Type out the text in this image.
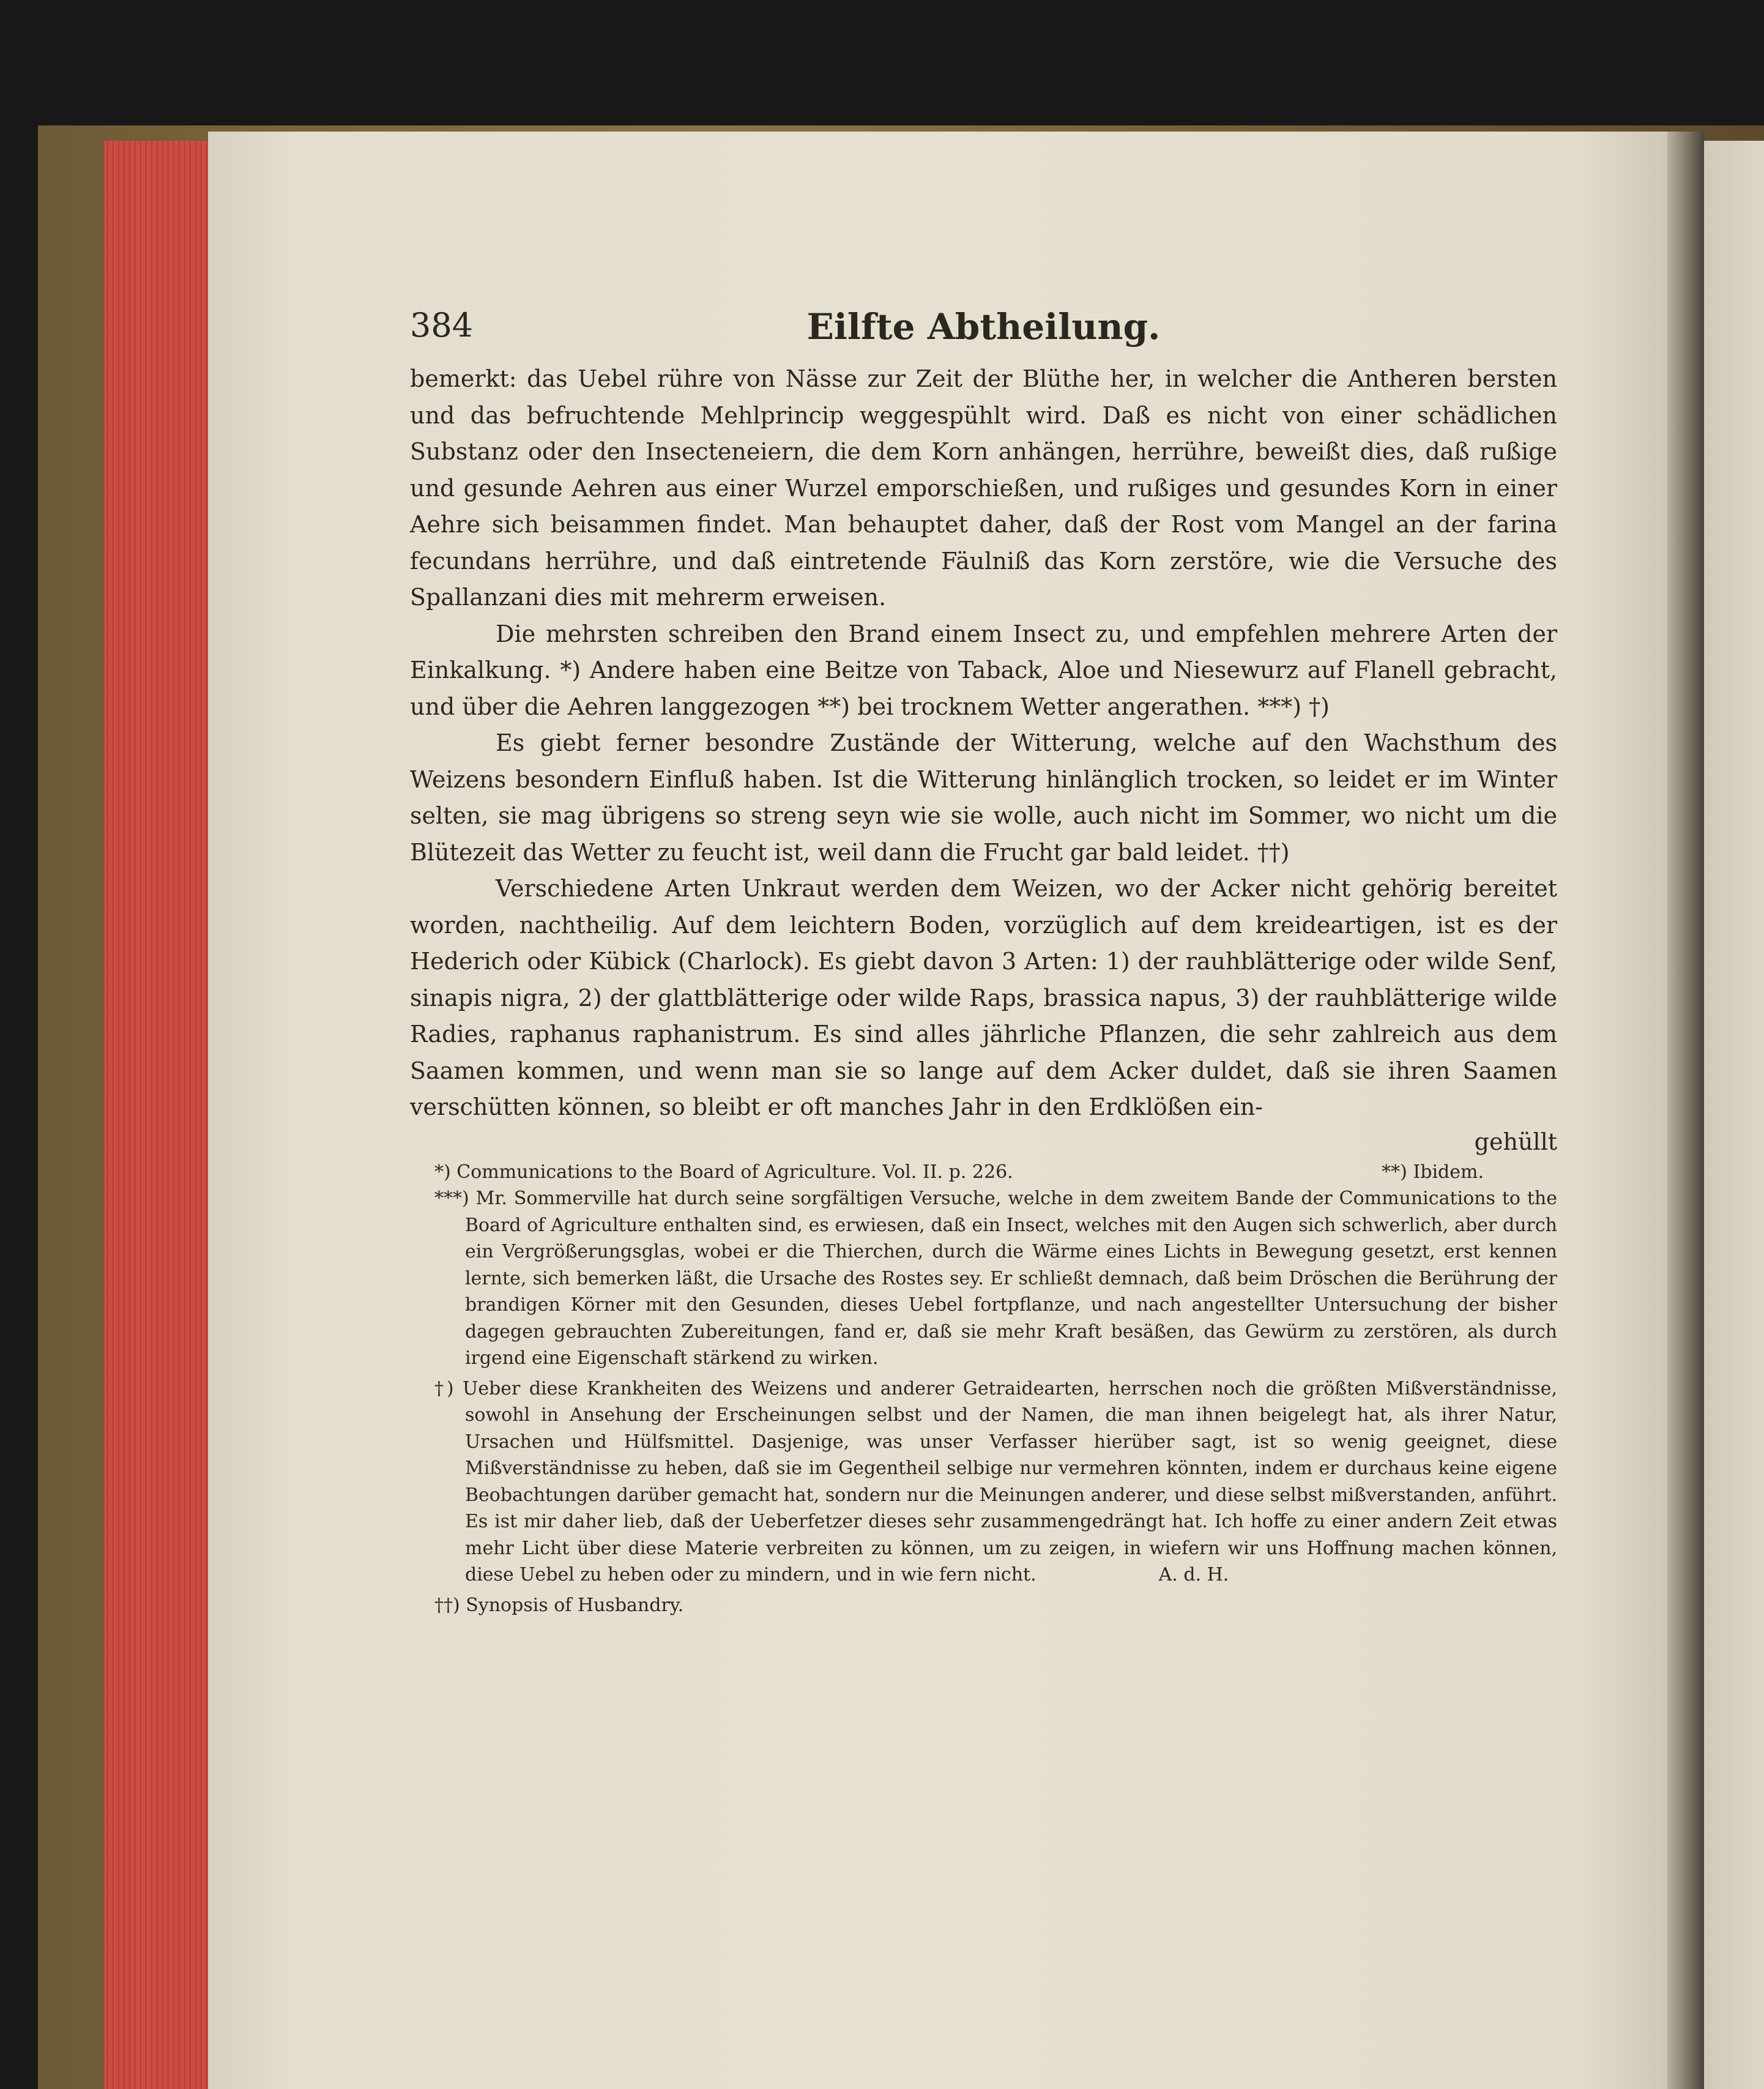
384	Eilfte Abtheilung.

bemerkt: das Uebel rühre von Nässe zur Zeit der Blüthe her, in welcher die Antheren bersten und das befruchtende Mehlprincip weggespühlt wird. Daß es nicht von einer schädlichen Substanz oder den Insecteneiern, die dem Korn anhängen, herrühre, beweißt dies, daß rußige und gesunde Aehren aus einer Wurzel emporschießen, und rußiges und gesundes Korn in einer Aehre sich beisammen findet. Man behauptet daher, daß der Rost vom Mangel an der farina fecundans herrühre, und daß eintretende Fäulniß das Korn zerstöre, wie die Versuche des Spallanzani dies mit mehrerm erweisen.

Die mehrsten schreiben den Brand einem Insect zu, und empfehlen mehrere Arten der Einkalkung. *) Andere haben eine Beitze von Taback, Aloe und Niesewurz auf Flanell gebracht, und über die Aehren langgezogen **) bei trocknem Wetter angerathen. ***) †)

Es giebt ferner besondre Zustände der Witterung, welche auf den Wachsthum des Weizens besondern Einfluß haben. Ist die Witterung hinlänglich trocken, so leidet er im Winter selten, sie mag übrigens so streng seyn wie sie wolle, auch nicht im Sommer, wo nicht um die Blütezeit das Wetter zu feucht ist, weil dann die Frucht gar bald leidet. ††)

Verschiedene Arten Unkraut werden dem Weizen, wo der Acker nicht gehörig bereitet worden, nachtheilig. Auf dem leichtern Boden, vorzüglich auf dem kreideartigen, ist es der Hederich oder Kübick (Charlock). Es giebt davon 3 Arten: 1) der rauhblätterige oder wilde Senf, sinapis nigra, 2) der glattblätterige oder wilde Raps, brassica napus, 3) der rauhblätterige wilde Radies, raphanus raphanistrum. Es sind alles jährliche Pflanzen, die sehr zahlreich aus dem Saamen kommen, und wenn man sie so lange auf dem Acker duldet, daß sie ihren Saamen verschütten können, so bleibt er oft manches Jahr in den Erdklößen ein-

gehüllt
*) Communications to the Board of Agriculture. Vol. II. p. 226.	**) Ibidem.

***) Mr. Sommerville hat durch seine sorgfältigen Versuche, welche in dem zweitem Bande der Communications to the Board of Agriculture enthalten sind, es erwiesen, daß ein Insect, welches mit den Augen sich schwerlich, aber durch ein Vergrößerungsglas, wobei er die Thierchen, durch die Wärme eines Lichts in Bewegung gesetzt, erst kennen lernte, sich bemerken läßt, die Ursache des Rostes sey. Er schließt demnach, daß beim Dröschen die Berührung der brandigen Körner mit den Gesunden, dieses Uebel fortpflanze, und nach angestellter Untersuchung der bisher dagegen gebrauchten Zubereitungen, fand er, daß sie mehr Kraft besäßen, das Gewürm zu zerstören, als durch irgend eine Eigenschaft stärkend zu wirken.

†) Ueber diese Krankheiten des Weizens und anderer Getraidearten, herrschen noch die größten Mißverständnisse, sowohl in Ansehung der Erscheinungen selbst und der Namen, die man ihnen beigelegt hat, als ihrer Natur, Ursachen und Hülfsmittel. Dasjenige, was unser Verfasser hierüber sagt, ist so wenig geeignet, diese Mißverständnisse zu heben, daß sie im Gegentheil selbige nur vermehren könnten, indem er durchaus keine eigene Beobachtungen darüber gemacht hat, sondern nur die Meinungen anderer, und diese selbst mißverstanden, anführt. Es ist mir daher lieb, daß der Ueberfetzer dieses sehr zusammengedrängt hat. Ich hoffe zu einer andern Zeit etwas mehr Licht über diese Materie verbreiten zu können, um zu zeigen, in wiefern wir uns Hoffnung machen können, diese Uebel zu heben oder zu mindern, und in wie fern nicht.	A. d. H.

††) Synopsis of Husbandry.
